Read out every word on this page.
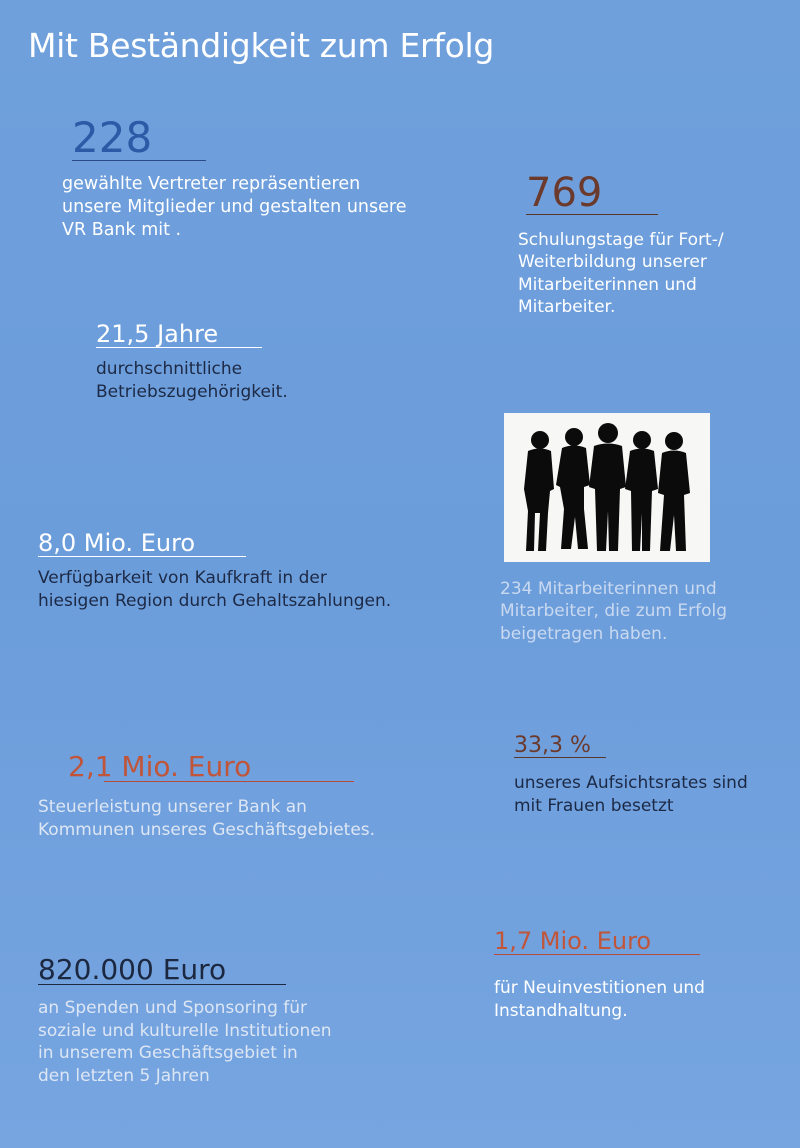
Mit Beständigkeit zum Erfolg
228
gewählte Vertreter repräsentieren
unsere Mitglieder und gestalten unsere
VR Bank mit .
769
Schulungstage für Fort-/
Weiterbildung unserer
Mitarbeiterinnen und
Mitarbeiter.
21,5 Jahre
durchschnittliche
Betriebszugehörigkeit.
8,0 Mio. Euro
Verfügbarkeit von Kaufkraft in der
hiesigen Region durch Gehaltszahlungen.
234 Mitarbeiterinnen und
Mitarbeiter, die zum Erfolg
beigetragen haben.
2,1 Mio. Euro
Steuerleistung unserer Bank an
Kommunen unseres Geschäftsgebietes.
33,3 %
unseres Aufsichtsrates sind
mit Frauen besetzt
1,7 Mio. Euro
für Neuinvestitionen und
Instandhaltung.
820.000 Euro
an Spenden und Sponsoring für
soziale und kulturelle Institutionen
in unserem Geschäftsgebiet in
den letzten 5 Jahren
